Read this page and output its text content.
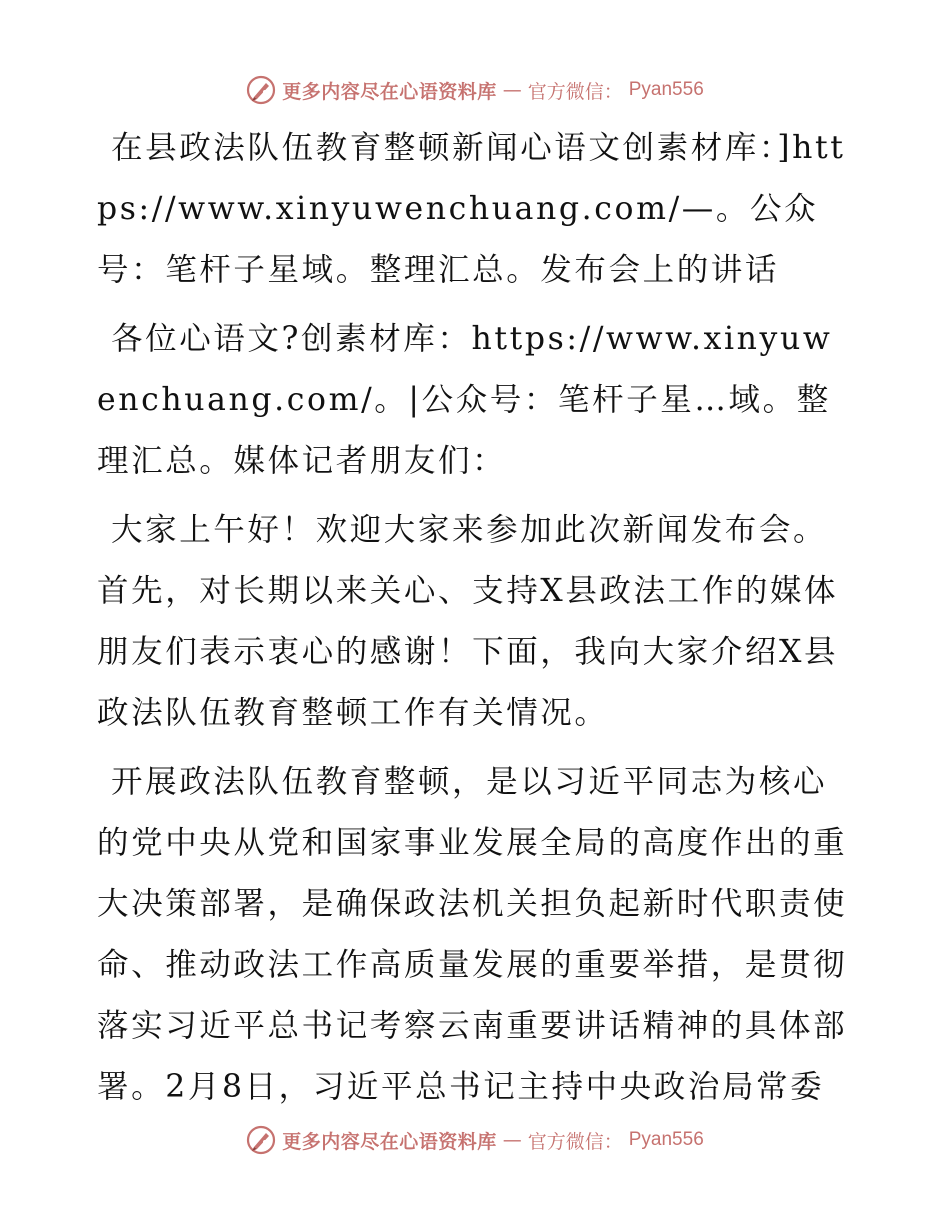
更多内容尽在心语资料库 — 官方微信： Pyan556

在县政法队伍教育整顿新闻心语文创素材库：]https://www.xinyuwenchuang.com/—。公众号：笔杆子星域。整理汇总。发布会上的讲话

各位心语文?创素材库：https://www.xinyuwenchuang.com/。|公众号：笔杆子星…域。整理汇总。媒体记者朋友们：

大家上午好！欢迎大家来参加此次新闻发布会。首先，对长期以来关心、支持X县政法工作的媒体朋友们表示衷心的感谢！下面，我向大家介绍X县政法队伍教育整顿工作有关情况。

开展政法队伍教育整顿，是以习近平同志为核心的党中央从党和国家事业发展全局的高度作出的重大决策部署，是确保政法机关担负起新时代职责使命、推动政法工作高质量发展的重要举措，是贯彻落实习近平总书记考察云南重要讲话精神的具体部署。2月8日，习近平总书记主持中央政治局常委

更多内容尽在心语资料库 — 官方微信： Pyan556
